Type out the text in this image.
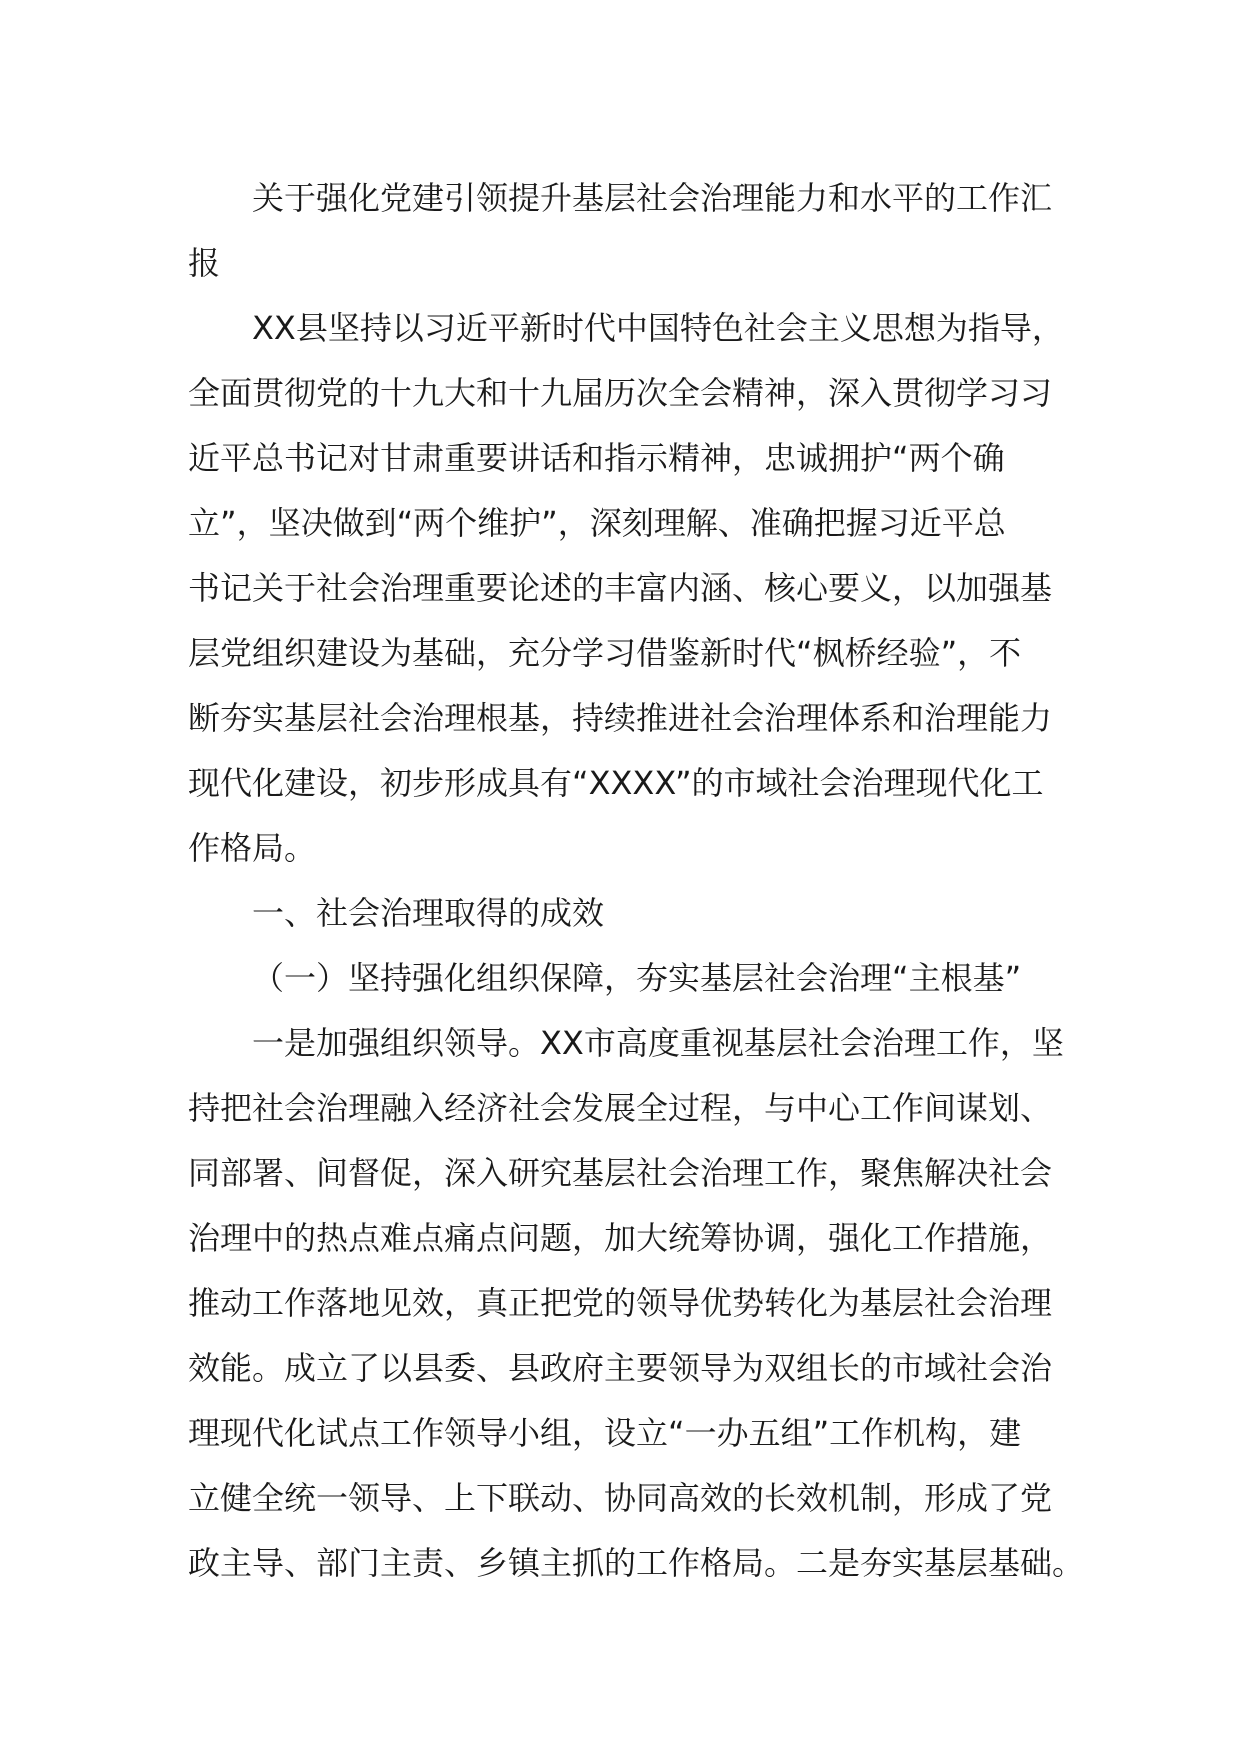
关于强化党建引领提升基层社会治理能力和水平的工作汇
报
XX县坚持以习近平新时代中国特色社会主义思想为指导，
全面贯彻党的十九大和十九届历次全会精神，深入贯彻学习习
近平总书记对甘肃重要讲话和指示精神，忠诚拥护“两个确
立”，坚决做到“两个维护”，深刻理解、准确把握习近平总
书记关于社会治理重要论述的丰富内涵、核心要义，以加强基
层党组织建设为基础，充分学习借鉴新时代“枫桥经验”，不
断夯实基层社会治理根基，持续推进社会治理体系和治理能力
现代化建设，初步形成具有“XXXX”的市域社会治理现代化工
作格局。
一、社会治理取得的成效
（一）坚持强化组织保障，夯实基层社会治理“主根基”
一是加强组织领导。XX市高度重视基层社会治理工作，坚
持把社会治理融入经济社会发展全过程，与中心工作间谋划、
同部署、间督促，深入研究基层社会治理工作，聚焦解决社会
治理中的热点难点痛点问题，加大统筹协调，强化工作措施，
推动工作落地见效，真正把党的领导优势转化为基层社会治理
效能。成立了以县委、县政府主要领导为双组长的市域社会治
理现代化试点工作领导小组，设立“一办五组”工作机构，建
立健全统一领导、上下联动、协同高效的长效机制，形成了党
政主导、部门主责、乡镇主抓的工作格局。二是夯实基层基础。
